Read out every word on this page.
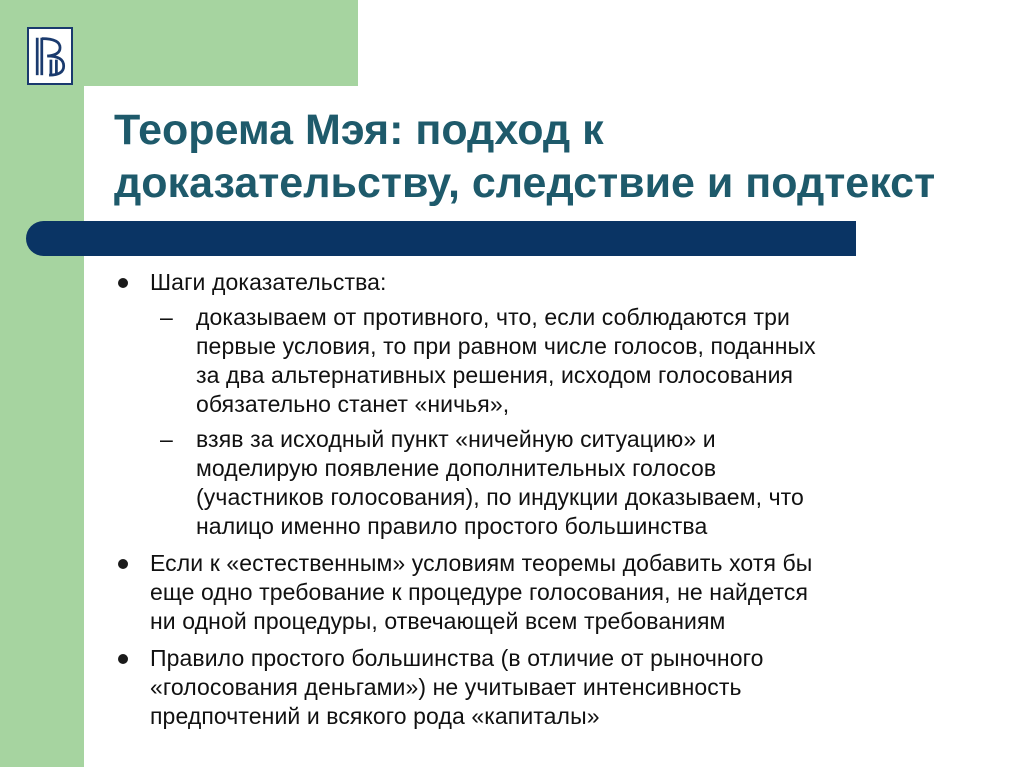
Теорема Мэя: подход к
доказательству, следствие и подтекст
Шаги доказательства:
–	доказываем от противного, что, если соблюдаются три
первые условия, то при равном числе голосов, поданных
за два альтернативных решения, исходом голосования
обязательно станет «ничья»,
–	взяв за исходный пункт «ничейную ситуацию» и
моделирую появление дополнительных голосов
(участников голосования), по индукции доказываем, что
налицо именно правило простого большинства
Если к «естественным» условиям теоремы добавить хотя бы
еще одно требование к процедуре голосования, не найдется
ни одной процедуры, отвечающей всем требованиям
Правило простого большинства (в отличие от рыночного
«голосования деньгами») не учитывает интенсивность
предпочтений и всякого рода «капиталы»
